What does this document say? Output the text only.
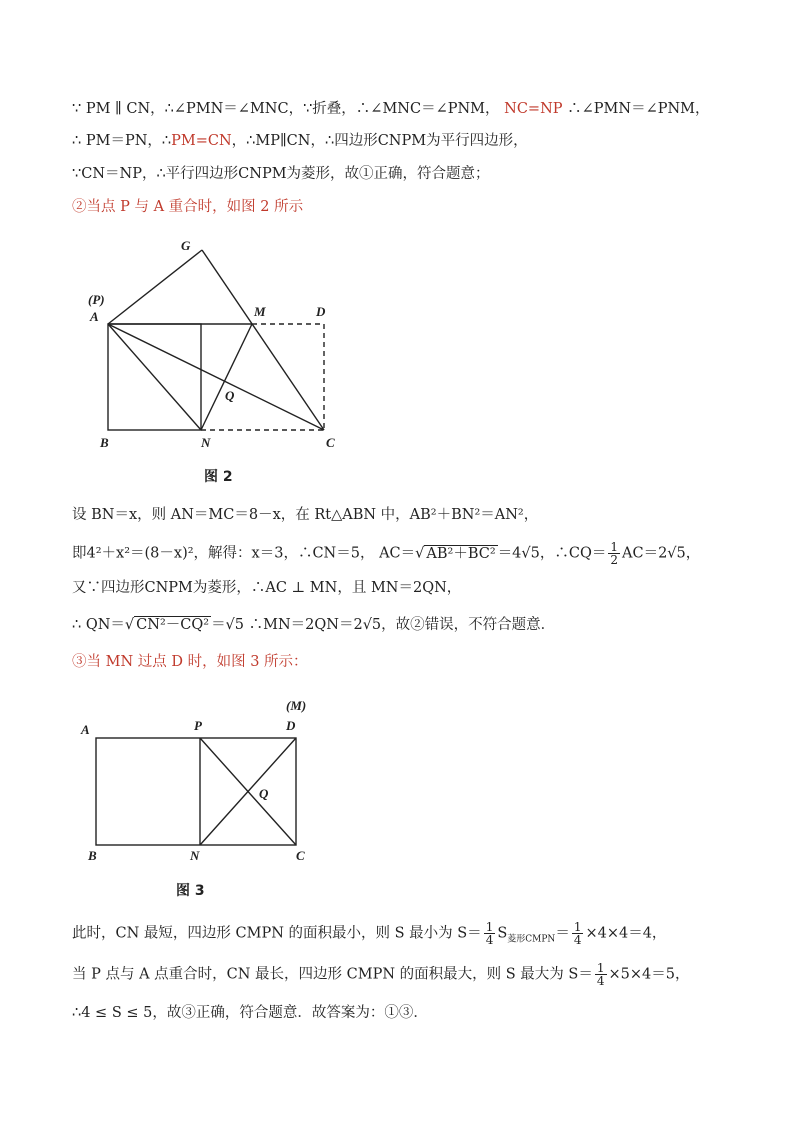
∵ PM ∥ CN，∴∠PMN＝∠MNC，∵折叠，∴∠MNC＝∠PNM， NC=NP ∴∠PMN＝∠PNM，
∴ PM＝PN，∴PM=CN，∴MP∥CN，∴四边形CNPM为平行四边形，
∵CN＝NP，∴平行四边形CNPM为菱形，故①正确，符合题意；
②当点 P 与 A 重合时，如图 2 所示
G
(P)
A	M	D
Q
B	N	C
图 2
设 BN＝x，则 AN＝MC＝8－x，在 Rt△ABN 中，AB²＋BN²＝AN²，
即4²＋x²＝(8－x)²，解得：x＝3，∴CN＝5， AC＝√ AB²＋BC² ＝4√5，∴CQ＝ $\frac{1}{2} AC=2√5$，
又∵四边形CNPM为菱形，∴AC ⊥ MN，且 MN＝2QN，
∴ QN＝√ CN²－CQ² ＝√5 ∴MN＝2QN＝2√5，故②错误，不符合题意．
③当 MN 过点 D 时，如图 3 所示：
(M)
A	P	D
Q
B	N	C
图 3
此时，CN 最短，四边形 CMPN 的面积最小，则 S 最小为 $S= \frac{1}{4} S_{菱形CMPN}= \frac{1}{4} \times 4\times 4=4$，
当 P 点与 A 点重合时，CN 最长，四边形 CMPN 的面积最大，则 S 最大为 $S= \frac{1}{4} \times 5\times 4=5$，
∴4 ≤ S ≤ 5，故③正确，符合题意．故答案为：①③．
